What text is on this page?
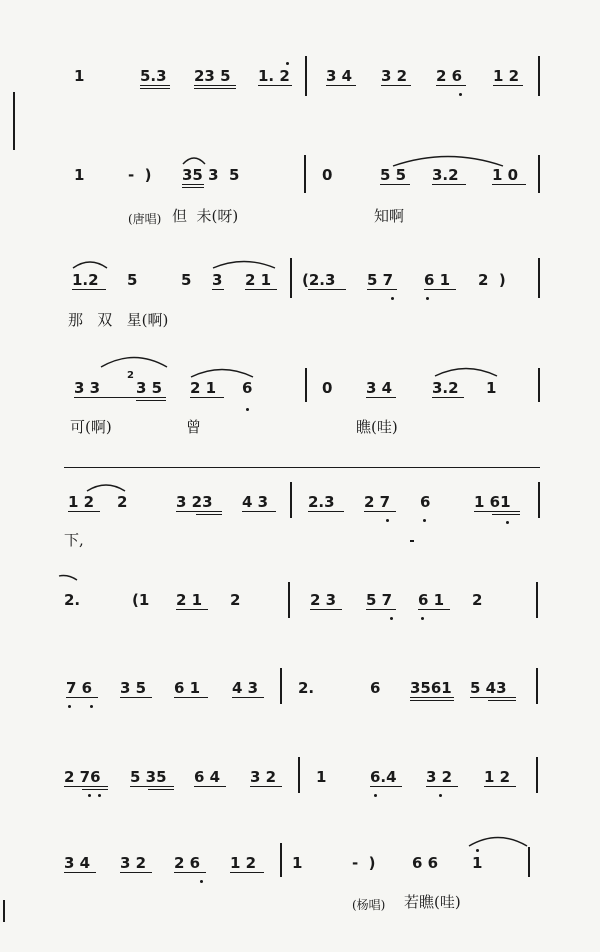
1	5.3 23 5 1. 2 3 4 3 2 2 6 1 2
1	-  ) 35 3  5	0	5 5 3.2 1 0
(唐唱) 但  未(呀)	知啊
1.2 5	5 3 2 1 (2.3 5 7 6 1 2  )
那   双   星(啊)
3 3
2
3 5 2 1 6	0 3 4	3.2 1
可(啊)	曾	瞧(哇)
1 2 2	3 23 4 3	2.3 2 7 6	1 61
下,
2.	(1 2 1 2	2 3 5 7 6 1 2
7 6 3 5 6 1 4 3	2.	6 3561 5 43
2 76 5 35 6 4 3 2	1	6.4 3 2 1 2
3 4 3 2 2 6 1 2 1	-  ) 6 6 1
(杨唱) 若瞧(哇)
